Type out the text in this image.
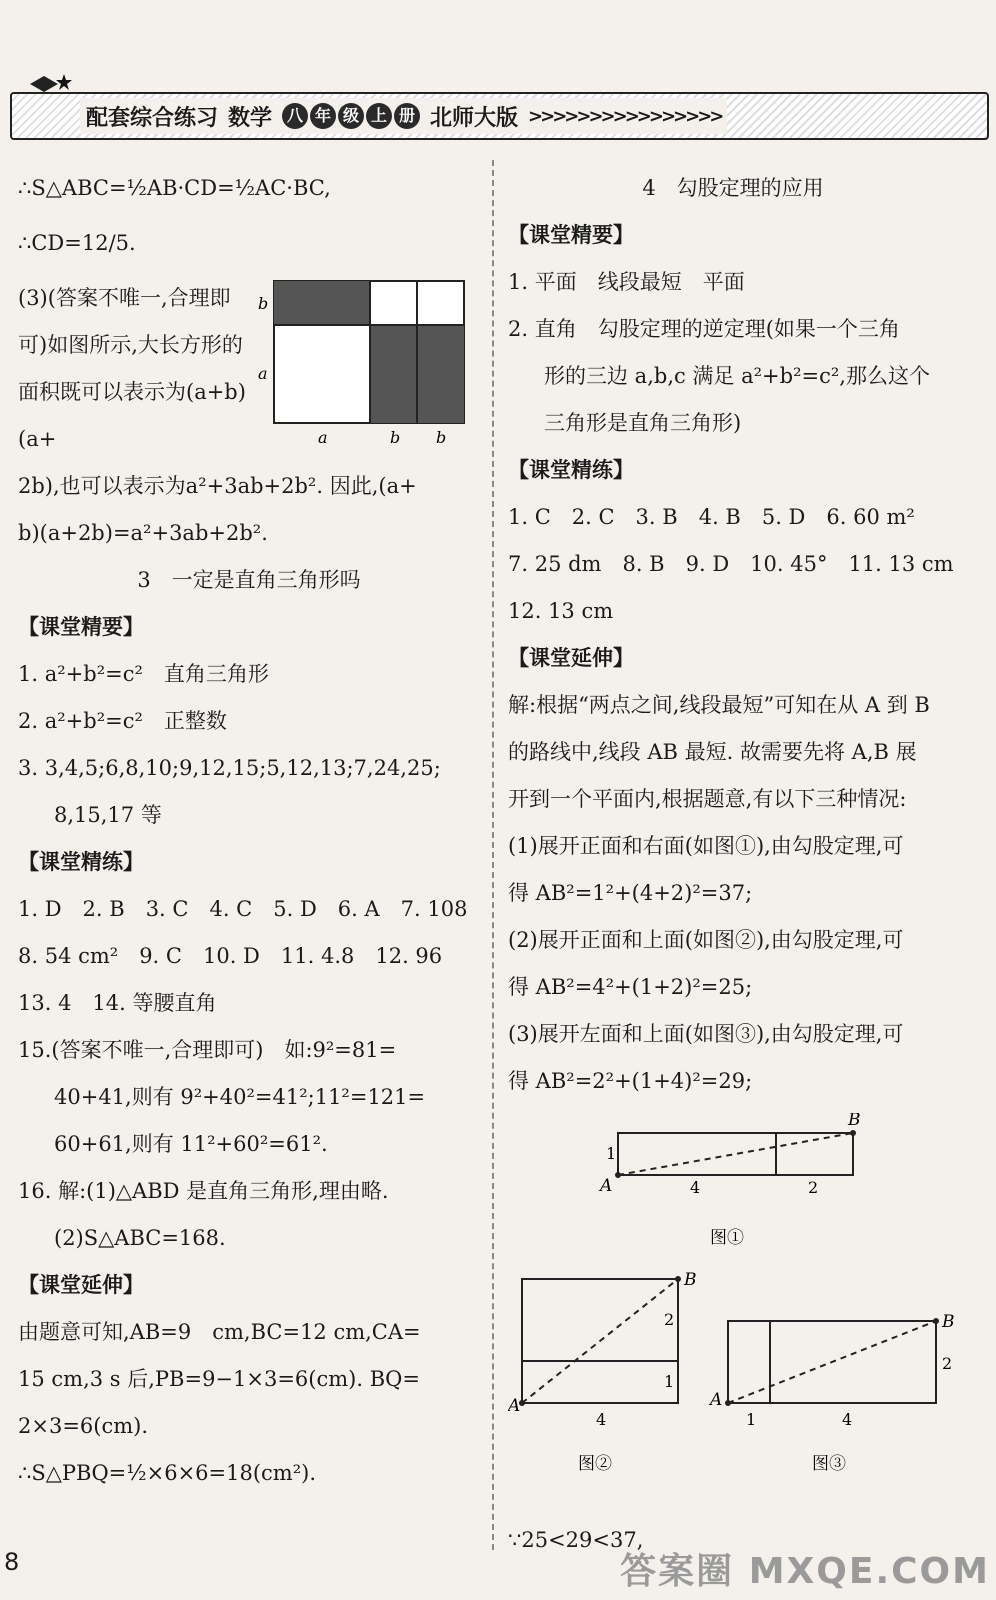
配套综合练习 数学 八 年 级 上 册 北师大版 >>>>>>>>>>>>>>>>
∴S△ABC=½AB·CD=½AC·BC,
∴CD=12/5.
(3)(答案不唯一,合理即可)如图所示,大长方形的面积既可以表示为(a+b)(a+
b
a
a	b b
2b),也可以表示为a²+3ab+2b². 因此,(a+
b)(a+2b)=a²+3ab+2b².
3　一定是直角三角形吗
【课堂精要】
1. a²+b²=c²　直角三角形
2. a²+b²=c²　正整数
3. 3,4,5;6,8,10;9,12,15;5,12,13;7,24,25;
8,15,17 等
【课堂精练】
1. D　2. B　3. C　4. C　5. D　6. A　7. 108
8. 54 cm²　9. C　10. D　11. 4.8　12. 96
13. 4　14. 等腰直角
15.(答案不唯一,合理即可)　如:9²=81=
40+41,则有 9²+40²=41²;11²=121=
60+61,则有 11²+60²=61².
16. 解:(1)△ABD 是直角三角形,理由略.
(2)S△ABC=168.
【课堂延伸】
由题意可知,AB=9　cm,BC=12 cm,CA=
15 cm,3 s 后,PB=9−1×3=6(cm). BQ=
2×3=6(cm).
∴S△PBQ=½×6×6=18(cm²).
4　勾股定理的应用
【课堂精要】
1. 平面　线段最短　平面
2. 直角　勾股定理的逆定理(如果一个三角
形的三边 a,b,c 满足 a²+b²=c²,那么这个
三角形是直角三角形)
【课堂精练】
1. C　2. C　3. B　4. B　5. D　6. 60 m²
7. 25 dm　8. B　9. D　10. 45°　11. 13 cm
12. 13 cm
【课堂延伸】
解:根据“两点之间,线段最短”可知在从 A 到 B
的路线中,线段 AB 最短. 故需要先将 A,B 展
开到一个平面内,根据题意,有以下三种情况:
(1)展开正面和右面(如图①),由勾股定理,可
得 AB²=1²+(4+2)²=37;
(2)展开正面和上面(如图②),由勾股定理,可
得 AB²=4²+(1+2)²=25;
(3)展开左面和上面(如图③),由勾股定理,可
得 AB²=2²+(1+4)²=29;
A
B
1
4	2
图①
A
B
2
1
4
图②
A
B
2
1	4
图③
∵25<29<37,
8	答案圈 MXQE.COM
